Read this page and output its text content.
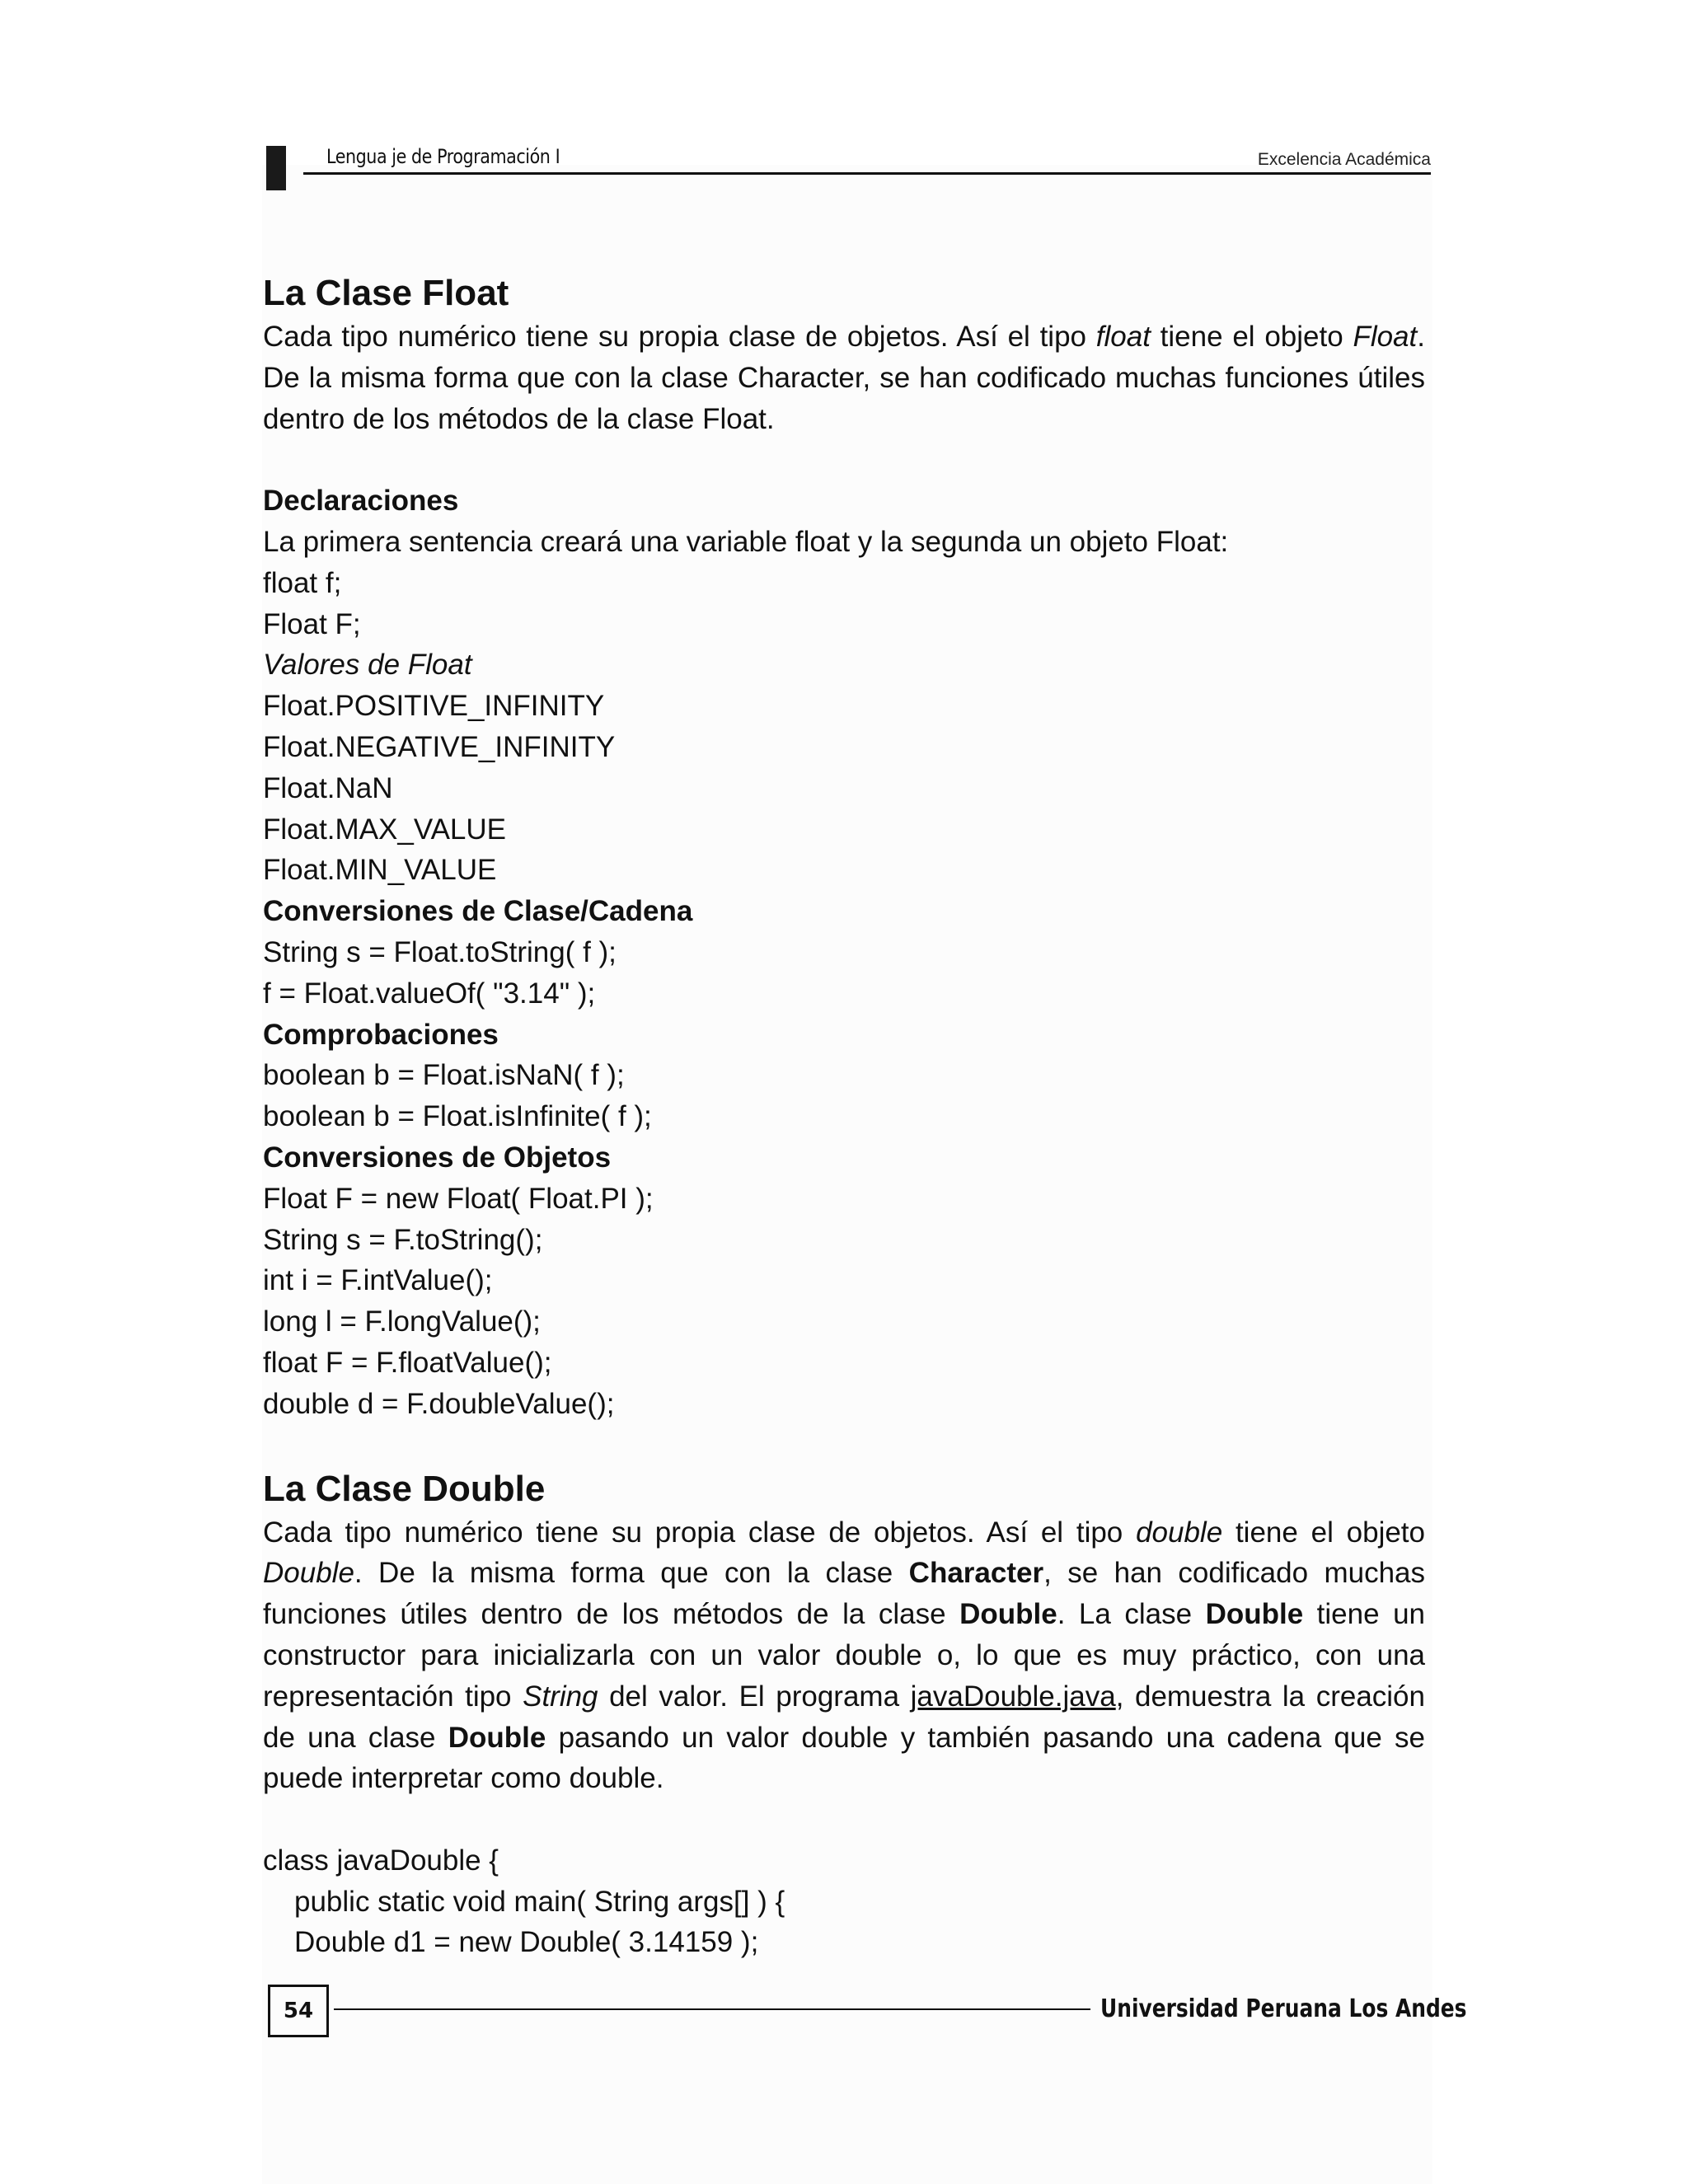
Lengua je de Programación I	Excelencia Académica
La Clase Float

Cada tipo numérico tiene su propia clase de objetos. Así el tipo float tiene el objeto Float. De la misma forma que con la clase Character, se han codificado muchas funciones útiles dentro de los métodos de la clase Float.

Declaraciones
La primera sentencia creará una variable float y la segunda un objeto Float:
float f;
Float F;
Valores de Float
Float.POSITIVE_INFINITY
Float.NEGATIVE_INFINITY
Float.NaN
Float.MAX_VALUE
Float.MIN_VALUE
Conversiones de Clase/Cadena
String s = Float.toString( f );
f = Float.valueOf( "3.14" );
Comprobaciones
boolean b = Float.isNaN( f );
boolean b = Float.isInfinite( f );
Conversiones de Objetos
Float F = new Float( Float.PI );
String s = F.toString();
int i = F.intValue();
long l = F.longValue();
float F = F.floatValue();
double d = F.doubleValue();
La Clase Double

Cada tipo numérico tiene su propia clase de objetos. Así el tipo double tiene el objeto Double. De la misma forma que con la clase Character, se han codificado muchas funciones útiles dentro de los métodos de la clase Double. La clase Double tiene un constructor para inicializarla con un valor double o, lo que es muy práctico, con una representación tipo String del valor. El programa javaDouble.java, demuestra la creación de una clase Double pasando un valor double y también pasando una cadena que se puede interpretar como double.

class javaDouble {
public static void main( String args[] ) {
Double d1 = new Double( 3.14159 );
54	Universidad Peruana Los Andes
